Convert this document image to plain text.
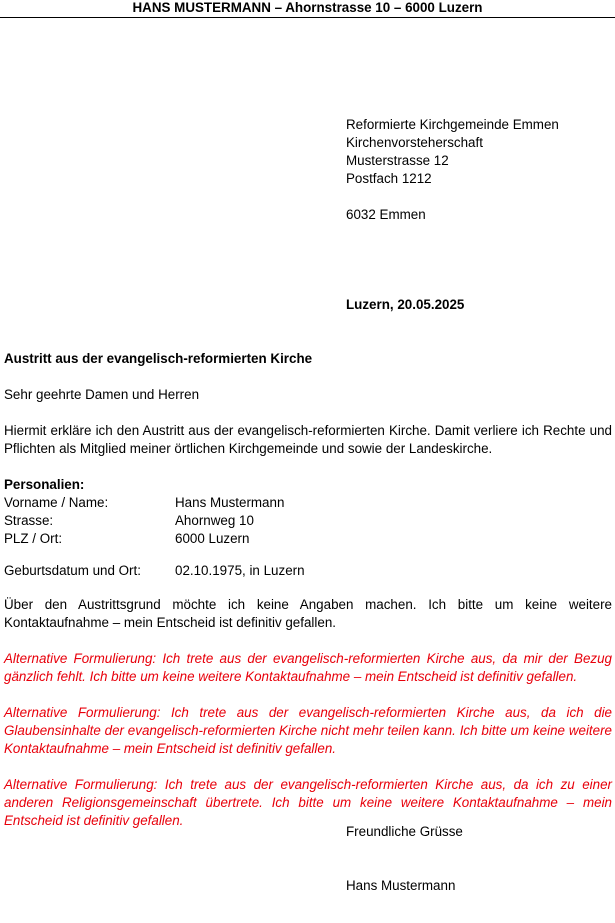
HANS MUSTERMANN – Ahornstrasse 10 – 6000 Luzern
Reformierte Kirchgemeinde Emmen
Kirchenvorsteherschaft
Musterstrasse 12
Postfach 1212
6032 Emmen
Luzern, 20.05.2025

Austritt aus der evangelisch-reformierten Kirche

Sehr geehrte Damen und Herren

Hiermit erkläre ich den Austritt aus der evangelisch-reformierten Kirche. Damit verliere ich Rechte und Pflichten als Mitglied meiner örtlichen Kirchgemeinde und sowie der Landeskirche.

Personalien:

Vorname / Name:	Hans Mustermann
Strasse:	Ahornweg 10
PLZ / Ort:	6000 Luzern
Geburtsdatum und Ort:	02.10.1975, in Luzern

Über den Austrittsgrund möchte ich keine Angaben machen. Ich bitte um keine weitere Kontaktaufnahme – mein Entscheid ist definitiv gefallen.

Alternative Formulierung: Ich trete aus der evangelisch-reformierten Kirche aus, da mir der Bezug gänzlich fehlt. Ich bitte um keine weitere Kontaktaufnahme – mein Entscheid ist definitiv gefallen.

Alternative Formulierung: Ich trete aus der evangelisch-reformierten Kirche aus, da ich die Glaubensinhalte der evangelisch-reformierten Kirche nicht mehr teilen kann. Ich bitte um keine weitere Kontaktaufnahme – mein Entscheid ist definitiv gefallen.

Alternative Formulierung: Ich trete aus der evangelisch-reformierten Kirche aus, da ich zu einer anderen Religionsgemeinschaft übertrete. Ich bitte um keine weitere Kontaktaufnahme – mein Entscheid ist definitiv gefallen.

Freundliche Grüsse
Hans Mustermann
